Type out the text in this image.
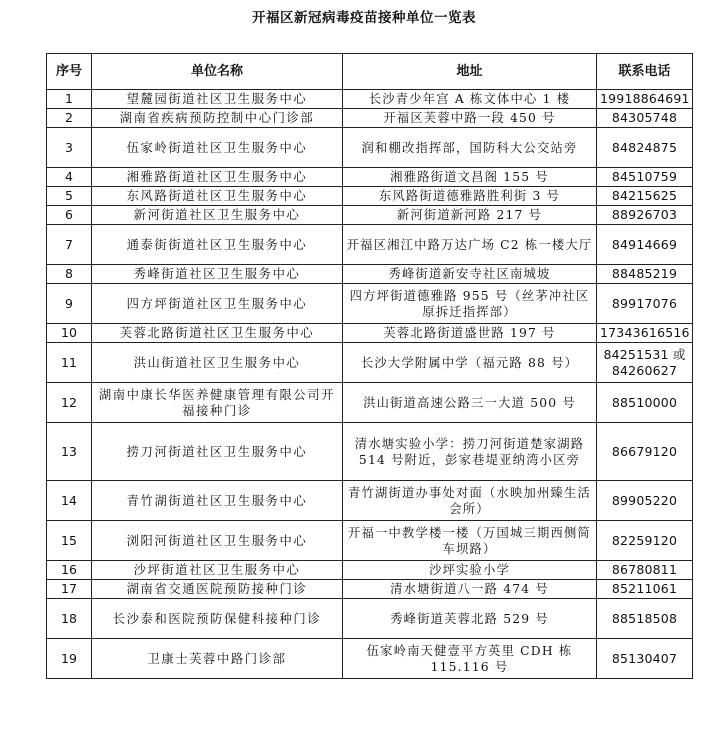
开福区新冠病毒疫苗接种单位一览表
序号	单位名称	地址	联系电话
1	望麓园街道社区卫生服务中心	长沙青少年宫 A 栋文体中心 1 楼	19918864691
2	湖南省疾病预防控制中心门诊部	开福区芙蓉中路一段 450 号	84305748
3	伍家岭街道社区卫生服务中心	润和棚改指挥部，国防科大公交站旁	84824875
4	湘雅路街道社区卫生服务中心	湘雅路街道文昌阁 155 号	84510759
5	东风路街道社区卫生服务中心	东风路街道德雅路胜利街 3 号	84215625
6	新河街道社区卫生服务中心	新河街道新河路 217 号	88926703
7	通泰街街道社区卫生服务中心	开福区湘江中路万达广场 C2 栋一楼大厅	84914669
8	秀峰街道社区卫生服务中心	秀峰街道新安寺社区南城坡	88485219
9	四方坪街道社区卫生服务中心	四方坪街道德雅路 955 号（丝茅冲社区原拆迁指挥部）	89917076
10	芙蓉北路街道社区卫生服务中心	芙蓉北路街道盛世路 197 号	17343616516
11	洪山街道社区卫生服务中心	长沙大学附属中学（福元路 88 号）	84251531 或 84260627
12	湖南中康长华医养健康管理有限公司开福接种门诊	洪山街道高速公路三一大道 500 号	88510000
13	捞刀河街道社区卫生服务中心	清水塘实验小学：捞刀河街道楚家湖路 514 号附近，彭家巷堤亚纳湾小区旁	86679120
14	青竹湖街道社区卫生服务中心	青竹湖街道办事处对面（水映加州臻生活会所）	89905220
15	浏阳河街道社区卫生服务中心	开福一中教学楼一楼（万国城三期西侧简车坝路）	82259120
16	沙坪街道社区卫生服务中心	沙坪实验小学	86780811
17	湖南省交通医院预防接种门诊	清水塘街道八一路 474 号	85211061
18	长沙泰和医院预防保健科接种门诊	秀峰街道芙蓉北路 529 号	88518508
19	卫康士芙蓉中路门诊部	伍家岭南天健壹平方英里 CDH 栋 115.116 号	85130407
